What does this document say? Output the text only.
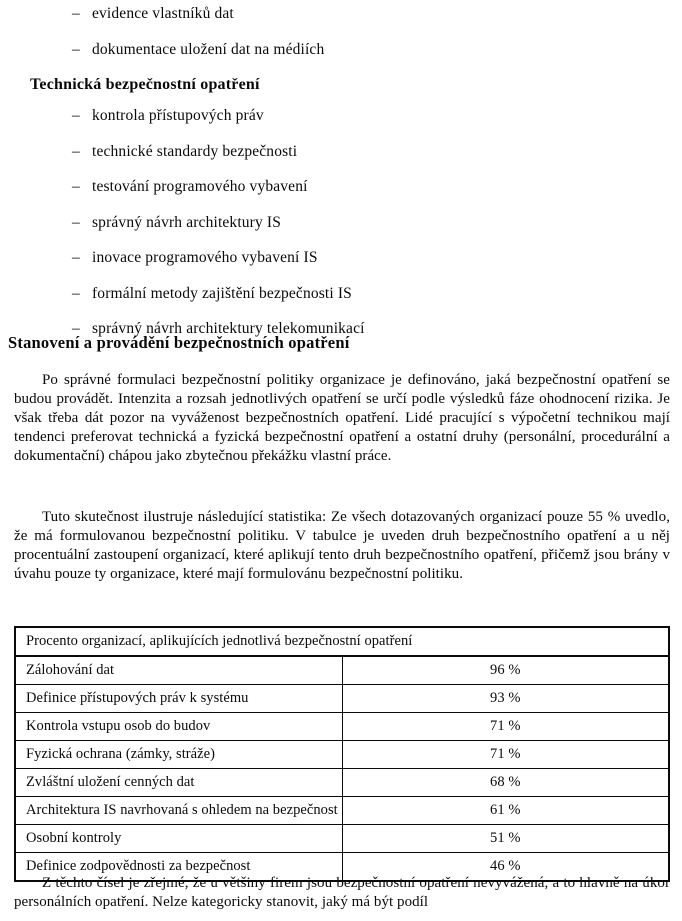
– evidence vlastníků dat
– dokumentace uložení dat na médiích
Technická bezpečnostní opatření
– kontrola přístupových práv
– technické standardy bezpečnosti
– testování programového vybavení
– správný návrh architektury IS
– inovace programového vybavení IS
– formální metody zajištění bezpečnosti IS
– správný návrh architektury telekomunikací
Stanovení a provádění bezpečnostních opatření

Po správné formulaci bezpečnostní politiky organizace je definováno, jaká bezpečnostní opatření se budou provádět. Intenzita a rozsah jednotlivých opatření se určí podle výsledků fáze ohodnocení rizika. Je však třeba dát pozor na vyváženost bezpečnostních opatření. Lidé pracující s výpočetní technikou mají tendenci preferovat technická a fyzická bezpečnostní opatření a ostatní druhy (personální, procedurální a dokumentační) chápou jako zbytečnou překážku vlastní práce.

Tuto skutečnost ilustruje následující statistika: Ze všech dotazovaných organizací pouze 55 % uvedlo, že má formulovanou bezpečnostní politiku. V tabulce je uveden druh bezpečnostního opatření a u něj procentuální zastoupení organizací, které aplikují tento druh bezpečnostního opatření, přičemž jsou brány v úvahu pouze ty organizace, které mají formulovánu bezpečnostní politiku.

Procento organizací, aplikujících jednotlivá bezpečnostní opatření	
Zálohování dat	96 %
Definice přístupových práv k systému	93 %
Kontrola vstupu osob do budov	71 %
Fyzická ochrana (zámky, stráže)	71 %
Zvláštní uložení cenných dat	68 %
Architektura IS navrhovaná s ohledem na bezpečnost	61 %
Osobní kontroly	51 %
Definice zodpovědnosti za bezpečnost	46 %

Z těchto čísel je zřejmé, že u většiny firem jsou bezpečnostní opatření nevyvážená, a to hlavně na úkor personálních opatření. Nelze kategoricky stanovit, jaký má být podíl
